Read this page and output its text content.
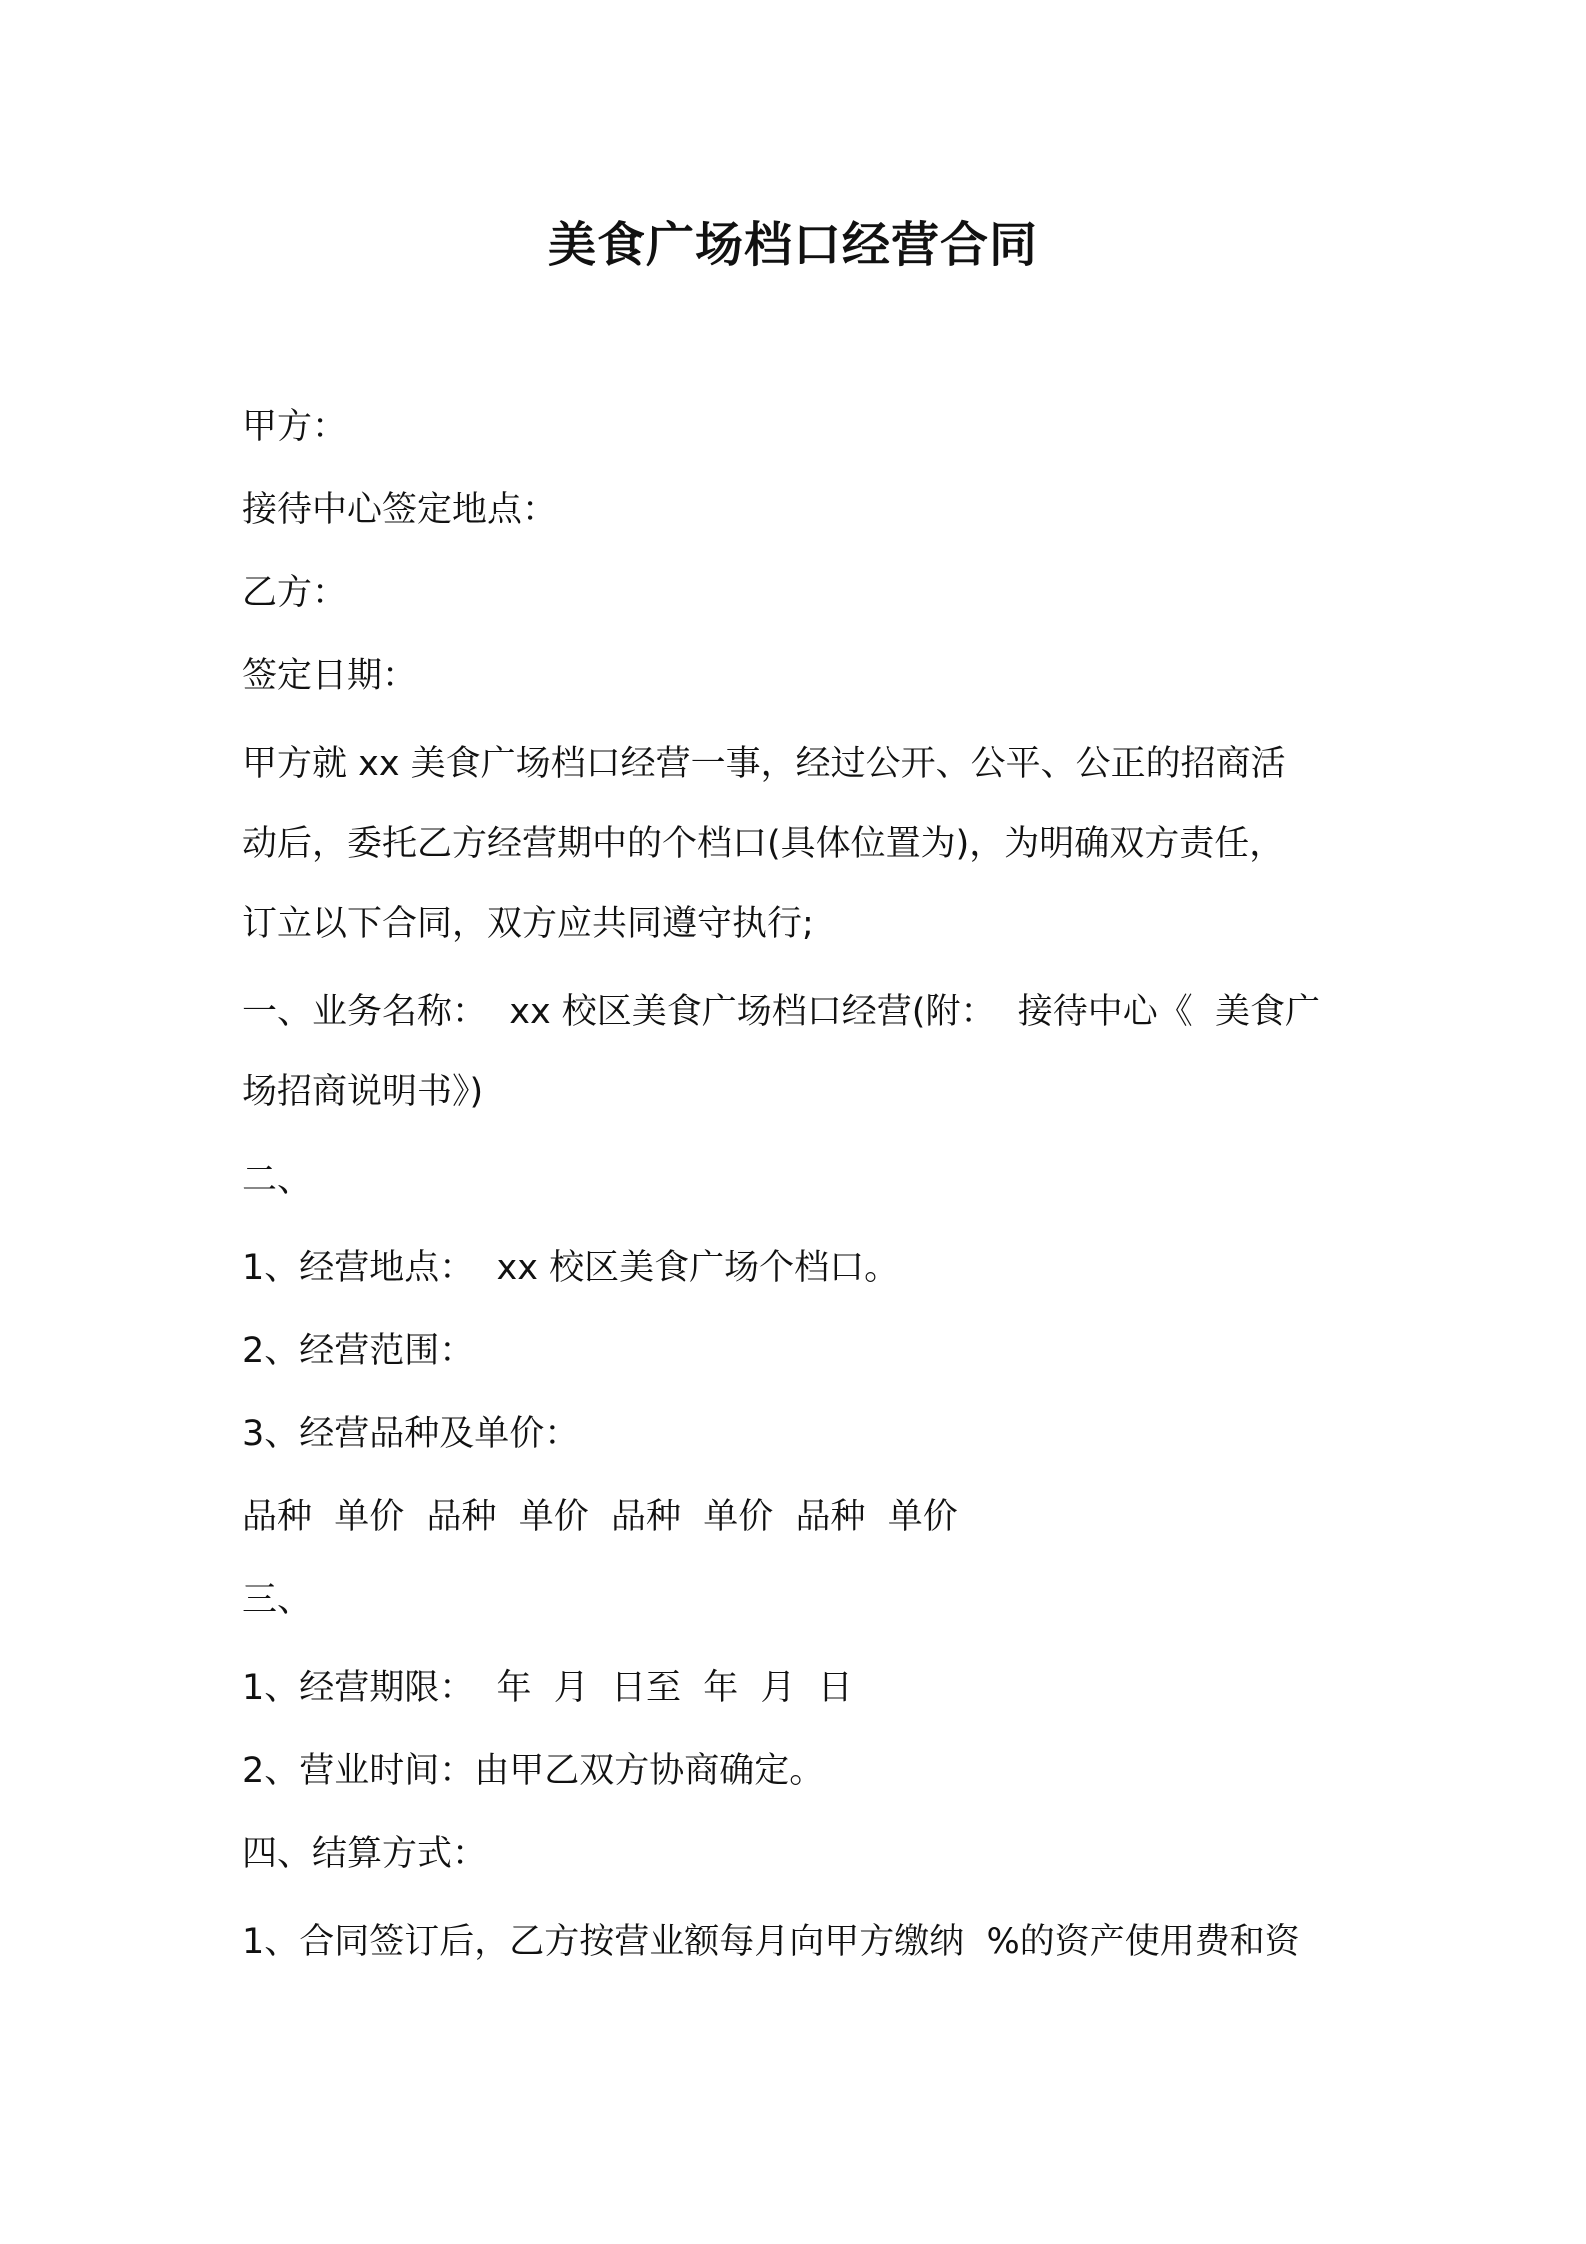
美食广场档口经营合同

甲方：

接待中心签定地点：

乙方：

签定日期：

甲方就 xx 美食广场档口经营一事，经过公开、公平、公正的招商活

动后，委托乙方经营期中的个档口(具体位置为)，为明确双方责任，

订立以下合同，双方应共同遵守执行;

一、业务名称：  xx 校区美食广场档口经营(附：  接待中心《  美食广

场招商说明书》)

二、

1、经营地点：  xx 校区美食广场个档口。

2、经营范围：

3、经营品种及单价：

品种  单价  品种  单价  品种  单价  品种  单价

三、

1、经营期限：  年  月  日至  年  月  日

2、营业时间：由甲乙双方协商确定。

四、结算方式：

1、合同签订后，乙方按营业额每月向甲方缴纳  %的资产使用费和资
